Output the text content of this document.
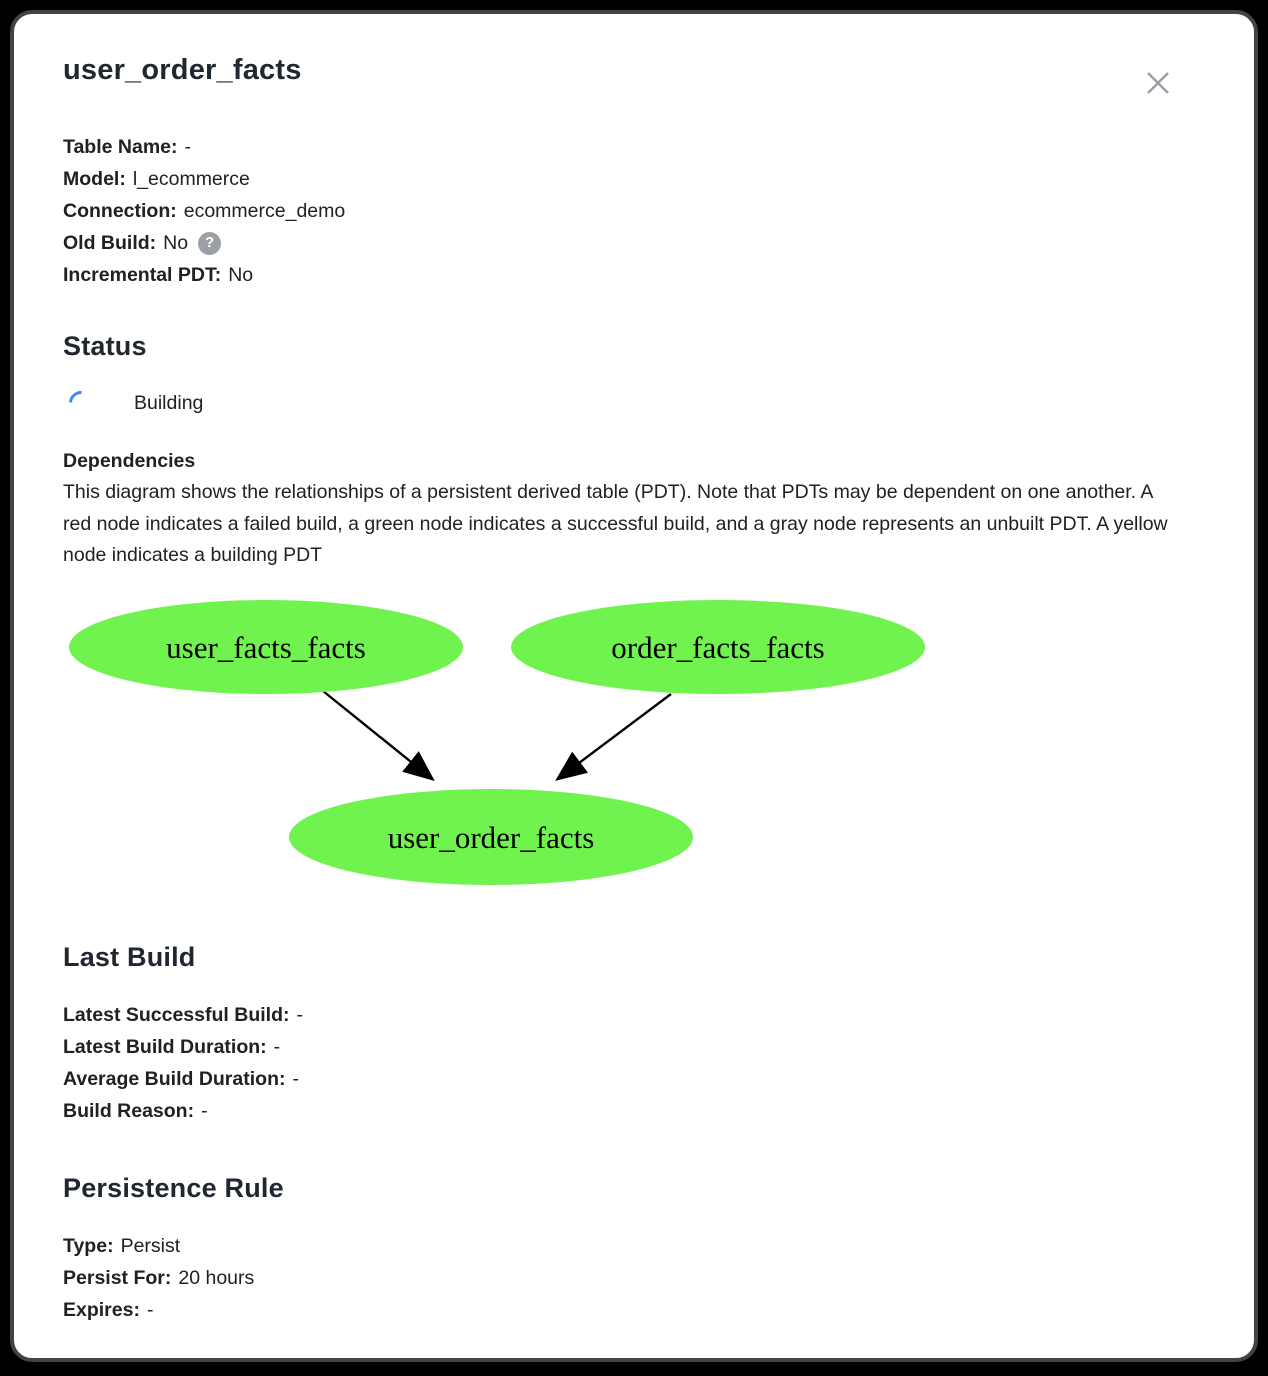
user_order_facts
Table Name: -
Model: l_ecommerce
Connection: ecommerce_demo
Old Build: No	?
Incremental PDT: No
Status
Building
Dependencies

This diagram shows the relationships of a persistent derived table (PDT). Note that PDTs may be dependent on one another. A red node indicates a failed build, a green node indicates a successful build, and a gray node represents an unbuilt PDT. A yellow node indicates a building PDT

user_facts_facts	order_facts_facts
user_order_facts
Last Build
Latest Successful Build: -
Latest Build Duration: -
Average Build Duration: -
Build Reason: -
Persistence Rule
Type: Persist
Persist For: 20 hours
Expires: -
